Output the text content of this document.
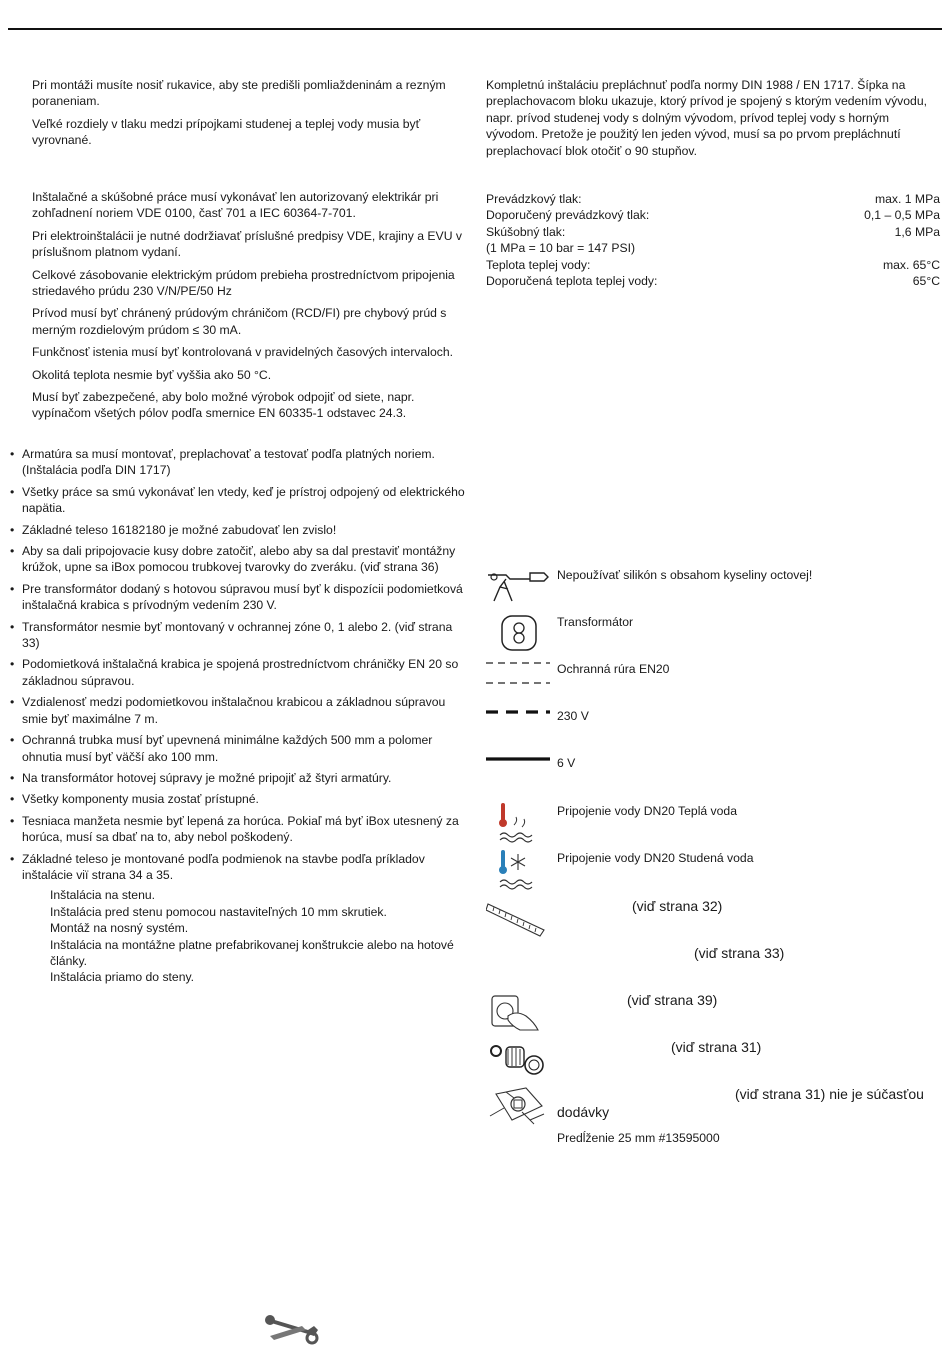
Pri montáži musíte nosiť rukavice, aby ste predišli pomliaždeninám a rezným poraneniam.

Veľké rozdiely v tlaku medzi prípojkami studenej a teplej vody musia byť vyrovnané.

Inštalačné a skúšobné práce musí vykonávať len autorizovaný elektrikár pri zohľadnení noriem VDE 0100, časť 701 a IEC 60364-7-701.

Pri elektroinštalácii je nutné dodržiavať príslušné predpisy VDE, krajiny a EVU v príslušnom platnom vydaní.

Celkové zásobovanie elektrickým prúdom prebieha prostredníctvom pripojenia striedavého prúdu 230 V/N/PE/50 Hz

Prívod musí byť chránený prúdovým chráničom (RCD/FI) pre chybový prúd s merným rozdielovým prúdom ≤ 30 mA.

Funkčnosť istenia musí byť kontrolovaná v pravidelných časových intervaloch.

Okolitá teplota nesmie byť vyššia ako 50 °C.

Musí byť zabezpečené, aby bolo možné výrobok odpojiť od siete, napr. vypínačom všetých pólov podľa smernice EN 60335-1 odstavec 24.3.

• Armatúra sa musí montovať, preplachovať a testovať podľa platných noriem. (Inštalácia podľa DIN 1717)
• Všetky práce sa smú vykonávať len vtedy, keď je prístroj odpojený od elektrického napätia.
• Základné teleso 16182180 je možné zabudovať len zvislo!
• Aby sa dali pripojovacie kusy dobre zatočiť, alebo aby sa dal prestaviť montážny krúžok, upne sa iBox pomocou trubkovej tvarovky do zveráku. (viď strana 36)
• Pre transformátor dodaný s hotovou súpravou musí byť k dispozícii podomietková inštalačná krabica s prívodným vedením 230 V.
• Transformátor nesmie byť montovaný v ochrannej zóne 0, 1 alebo 2. (viď strana 33)
• Podomietková inštalačná krabica je spojená prostredníctvom chráničky EN 20 so základnou súpravou.
• Vzdialenosť medzi podomietkovou inštalačnou krabicou a základnou súpravou smie byť maximálne 7 m.
• Ochranná trubka musí byť upevnená minimálne každých 500 mm a polomer ohnutia musí byť väčší ako 100 mm.
• Na transformátor hotovej súpravy je možné pripojiť až štyri armatúry.
• Všetky komponenty musia zostať prístupné.
• Tesniaca manžeta nesmie byť lepená za horúca. Pokiaľ má byť iBox utesnený za horúca, musí sa dbať na to, aby nebol poškodený.
• Základné teleso je montované podľa podmienok na stavbe podľa príkladov inštalácie viï strana 34 a 35.
Inštalácia na stenu.
Inštalácia pred stenu pomocou nastaviteľných 10 mm skrutiek.
Montáž na nosný systém.
Inštalácia na montážne platne prefabrikovanej konštrukcie alebo na hotové články.
Inštalácia priamo do steny.

Kompletnú inštaláciu prepláchnuť podľa normy DIN 1988 / EN 1717. Šípka na preplachovacom bloku ukazuje, ktorý prívod je spojený s ktorým vedením vývodu, napr. prívod studenej vody s dolným vývodom, prívod teplej vody s horným vývodom. Pretože je použitý len jeden vývod, musí sa po prvom prepláchnutí preplachovací blok otočiť o 90 stupňov.

Prevádzkový tlak:	max. 1 MPa
Doporučený prevádzkový tlak:	0,1 – 0,5 MPa
Skúšobný tlak:	1,6 MPa
(1 MPa = 10 bar = 147 PSI)
Teplota teplej vody:	max. 65°C
Doporučená teplota teplej vody:	65°C
Nepoužívať silikón s obsahom kyseliny octovej!
Transformátor
Ochranná rúra EN20
230 V
6 V
Pripojenie vody DN20 Teplá voda
Pripojenie vody DN20 Studená voda
(viď strana 32)
(viď strana 33)
(viď strana 39)
(viď strana 31)
(viď strana 31) nie je súčasťou
dodávky
Predĺženie 25 mm #13595000
